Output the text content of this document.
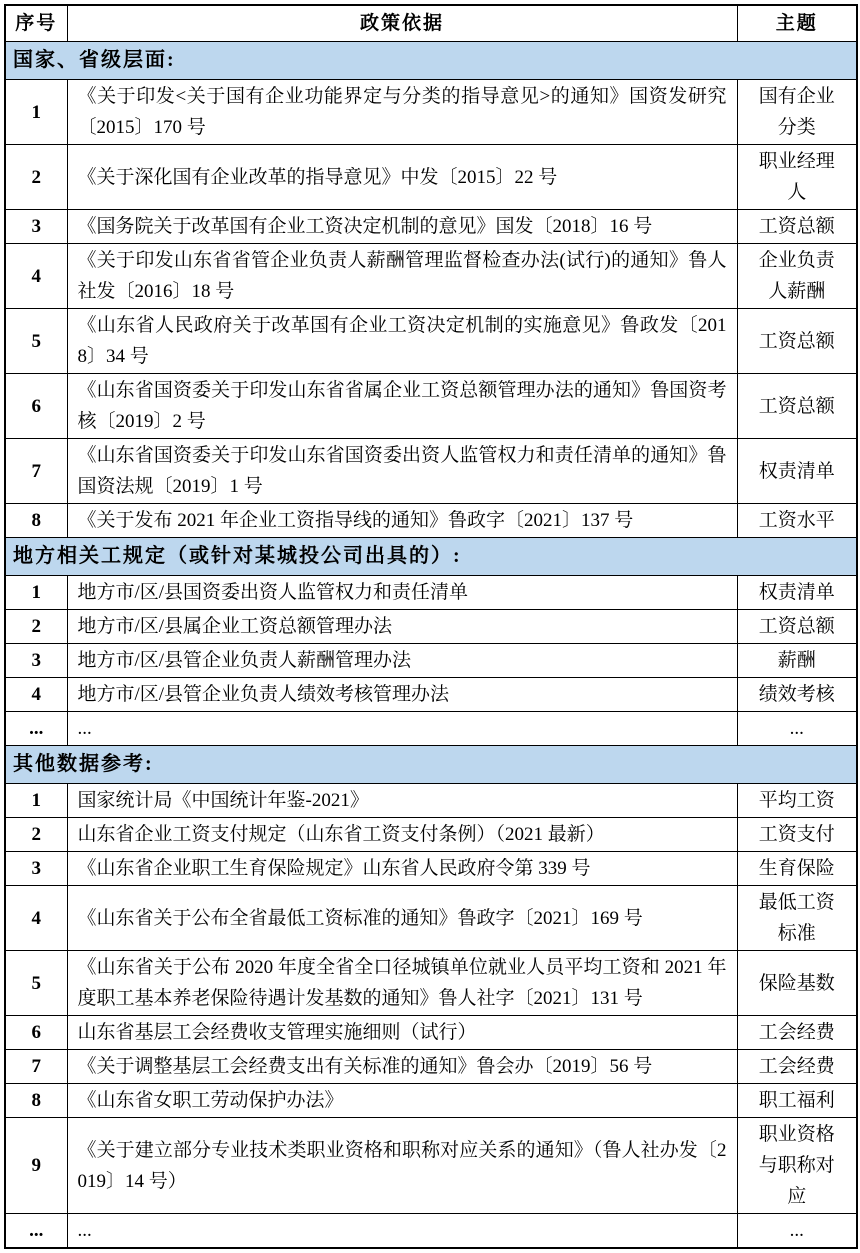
序号	政策依据	主题
国家、省级层面:		
1	《关于印发<关于国有企业功能界定与分类的指导意见>的通知》国资发研究〔2015〕170 号	国有企业分类
2	《关于深化国有企业改革的指导意见》中发〔2015〕22 号	职业经理人
3	《国务院关于改革国有企业工资决定机制的意见》国发〔2018〕16 号	工资总额
4	《关于印发山东省省管企业负责人薪酬管理监督检查办法(试行)的通知》鲁人社发〔2016〕18 号	企业负责人薪酬
5	《山东省人民政府关于改革国有企业工资决定机制的实施意见》鲁政发〔2018〕34 号	工资总额
6	《山东省国资委关于印发山东省省属企业工资总额管理办法的通知》鲁国资考核〔2019〕2 号	工资总额
7	《山东省国资委关于印发山东省国资委出资人监管权力和责任清单的通知》鲁国资法规〔2019〕1 号	权责清单
8	《关于发布 2021 年企业工资指导线的通知》鲁政字〔2021〕137 号	工资水平
地方相关工规定（或针对某城投公司出具的）:		
1	地方市/区/县国资委出资人监管权力和责任清单	权责清单
2	地方市/区/县属企业工资总额管理办法	工资总额
3	地方市/区/县管企业负责人薪酬管理办法	薪酬
4	地方市/区/县管企业负责人绩效考核管理办法	绩效考核
...	...	...
其他数据参考:		
1	国家统计局《中国统计年鉴-2021》	平均工资
2	山东省企业工资支付规定（山东省工资支付条例）（2021 最新）	工资支付
3	《山东省企业职工生育保险规定》山东省人民政府令第 339 号	生育保险
4	《山东省关于公布全省最低工资标准的通知》鲁政字〔2021〕169 号	最低工资标准
5	《山东省关于公布 2020 年度全省全口径城镇单位就业人员平均工资和 2021 年度职工基本养老保险待遇计发基数的通知》鲁人社字〔2021〕131 号	保险基数
6	山东省基层工会经费收支管理实施细则（试行）	工会经费
7	《关于调整基层工会经费支出有关标准的通知》鲁会办〔2019〕56 号	工会经费
8	《山东省女职工劳动保护办法》	职工福利
9	《关于建立部分专业技术类职业资格和职称对应关系的通知》（鲁人社办发〔2019〕14 号）	职业资格与职称对应
...	...	...
